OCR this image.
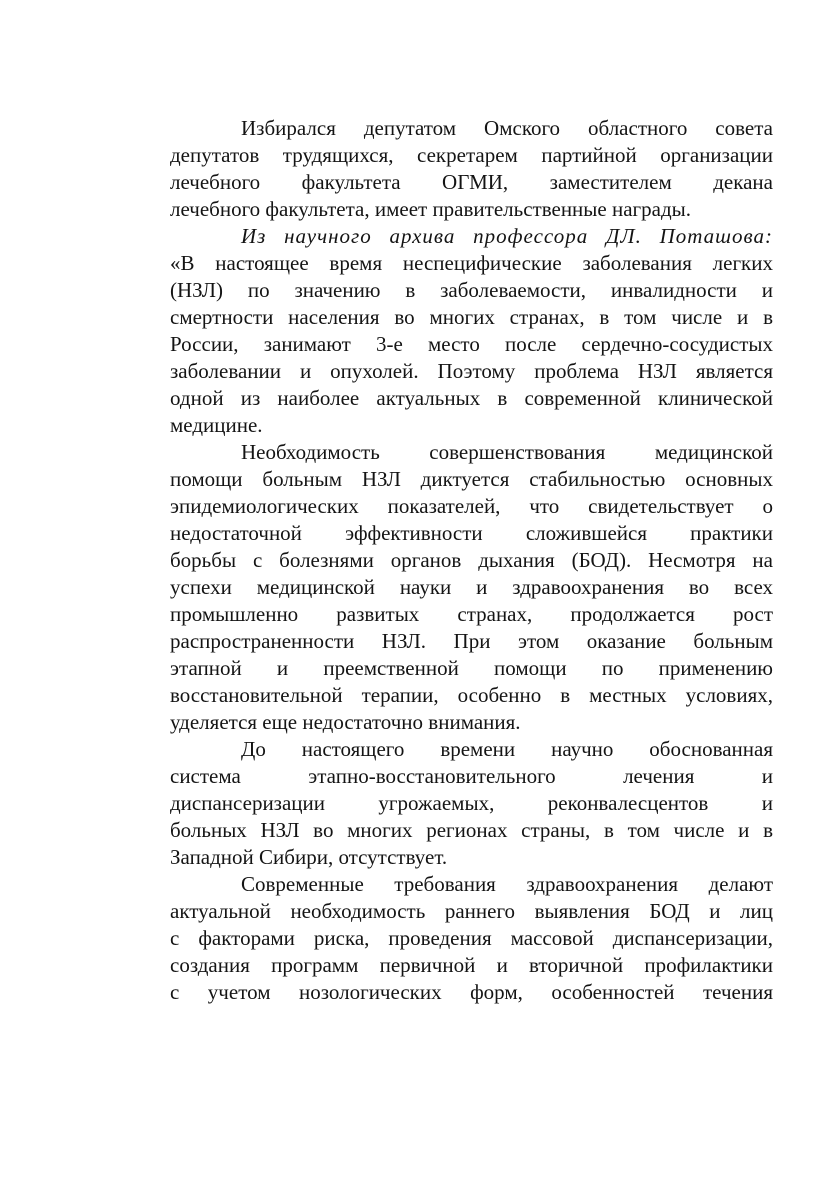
Избирался депутатом Омского областного совета
депутатов трудящихся, секретарем партийной организации
лечебного факультета ОГМИ, заместителем декана
лечебного факультета, имеет правительственные награды.
Из научного архива профессора ДЛ. Поташова:
«В настоящее время неспецифические заболевания легких
(НЗЛ) по значению в заболеваемости, инвалидности и
смертности населения во многих странах, в том числе и в
России, занимают 3-е место после сердечно-сосудистых
заболевании и опухолей. Поэтому проблема НЗЛ является
одной из наиболее актуальных в современной клинической
медицине.
Необходимость совершенствования медицинской
помощи больным НЗЛ диктуется стабильностью основных
эпидемиологических показателей, что свидетельствует о
недостаточной эффективности сложившейся практики
борьбы с болезнями органов дыхания (БОД). Несмотря на
успехи медицинской науки и здравоохранения во всех
промышленно развитых странах, продолжается рост
распространенности НЗЛ. При этом оказание больным
этапной и преемственной помощи по применению
восстановительной терапии, особенно в местных условиях,
уделяется еще недостаточно внимания.
До настоящего времени научно обоснованная
система этапно-восстановительного лечения и
диспансеризации угрожаемых, реконвалесцентов и
больных НЗЛ во многих регионах страны, в том числе и в
Западной Сибири, отсутствует.
Современные требования здравоохранения делают
актуальной необходимость раннего выявления БОД и лиц
с факторами риска, проведения массовой диспансеризации,
создания программ первичной и вторичной профилактики
с учетом нозологических форм, особенностей течения
